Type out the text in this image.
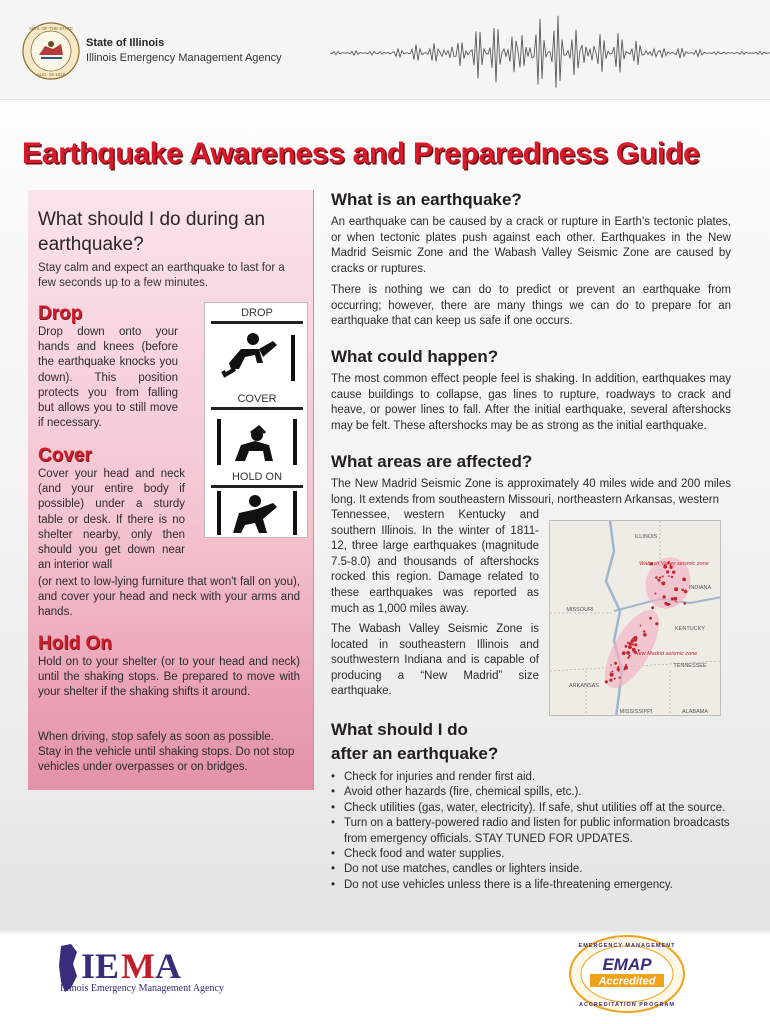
SEAL OF THE STATE
AUG. 26 1818
State of Illinois
Illinois Emergency Management Agency
Earthquake Awareness and Preparedness Guide
What should I do during an earthquake?
Stay calm and expect an earthquake to last for a few seconds up to a few minutes.
Drop
Drop down onto your hands and knees (before the earthquake knocks you down). This position protects you from falling but allows you to still move if necessary.
Cover
Cover your head and neck (and your entire body if possible) under a sturdy table or desk. If there is no shelter nearby, only then should you get down near an interior wall
(or next to low-lying furniture that won't fall on you), and cover your head and neck with your arms and hands.
Hold On
Hold on to your shelter (or to your head and neck) until the shaking stops. Be prepared to move with your shelter if the shaking shifts it around.
When driving, stop safely as soon as possible. Stay in the vehicle until shaking stops. Do not stop vehicles under overpasses or on bridges.
DROP
COVER
HOLD ON
What is an earthquake?
An earthquake can be caused by a crack or rupture in Earth's tectonic plates, or when tectonic plates push against each other. Earthquakes in the New Madrid Seismic Zone and the Wabash Valley Seismic Zone are caused by cracks or ruptures.
There is nothing we can do to predict or prevent an earthquake from occurring; however, there are many things we can do to prepare for an earthquake that can keep us safe if one occurs.
What could happen?
The most common effect people feel is shaking. In addition, earthquakes may cause buildings to collapse, gas lines to rupture, roadways to crack and heave, or power lines to fall. After the initial earthquake, several aftershocks may be felt. These aftershocks may be as strong as the initial earthquake.
What areas are affected?
The New Madrid Seismic Zone is approximately 40 miles wide and 200 miles long. It extends from southeastern Missouri, northeastern Arkansas, western
Tennessee, western Kentucky and southern Illinois. In the winter of 1811-12, three large earthquakes (magnitude 7.5-8.0) and thousands of aftershocks rocked this region. Damage related to these earthquakes was reported as much as 1,000 miles away.
The Wabash Valley Seismic Zone is located in southeastern Illinois and southwestern Indiana and is capable of producing a “New Madrid” size earthquake.
ILLINOIS
INDIANA
KENTUCKY
MISSOURI
TENNESSEE
ARKANSAS
MISSISSIPPI	ALABAMA
Wabash Valley seismic zone
New Madrid seismic zone
What should I do
after an earthquake?
• Check for injuries and render first aid.
• Avoid other hazards (fire, chemical spills, etc.).
• Check utilities (gas, water, electricity). If safe, shut utilities off at the source.
• Turn on a battery-powered radio and listen for public information broadcasts from emergency officials. STAY TUNED FOR UPDATES.
• Check food and water supplies.
• Do not use matches, candles or lighters inside.
• Do not use vehicles unless there is a life-threatening emergency.
I E M A
Illinois Emergency Management Agency
EMERGENCY MANAGEMENT
EMAP
Accredited
ACCREDITATION PROGRAM
